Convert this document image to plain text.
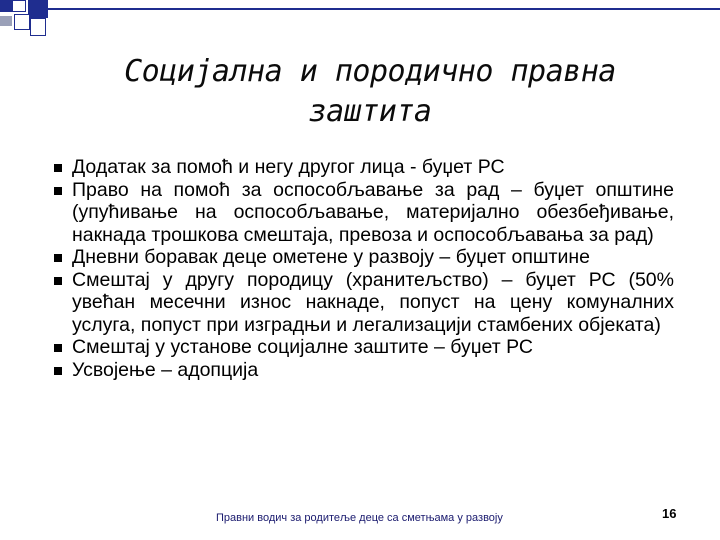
Социјална и породично правна
заштита
Додатак за помоћ и негу другог лица - буџет РС
Право на помоћ за оспособљавање за рад – буџет општине (упућивање на оспособљавање, материјално обезбеђивање, накнада трошкова смештаја, превоза и оспособљавања за рад)
Дневни боравак деце ометене у развоју – буџет општине
Смештај у другу породицу (хранитељство) – буџет РС (50% увећан месечни износ накнаде, попуст на цену комуналних услуга, попуст при изградњи и легализацији стамбених објеката)
Смештај у установе социјалне заштите – буџет РС
Усвојење – адопција
Правни водич за родитеље деце са сметњама у развоју	16
